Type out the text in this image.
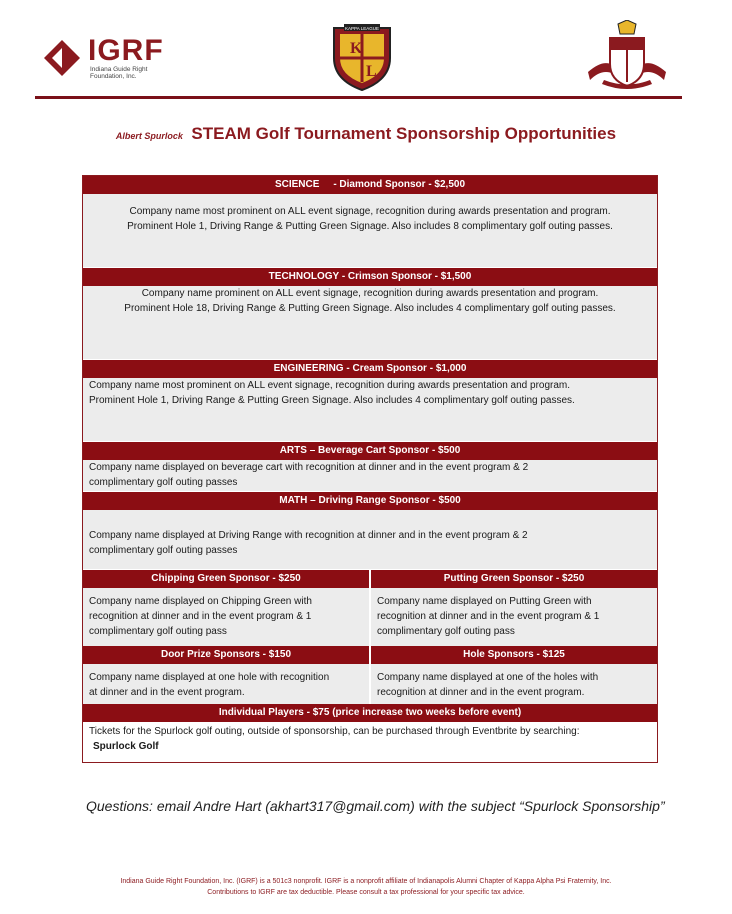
IGRF
Indiana Guide Right Foundation, Inc.
K
L
KAPPA LEAGUE
Albert Spurlock STEAM Golf Tournament Sponsorship Opportunities
SCIENCE     - Diamond Sponsor - $2,500
Company name most prominent on ALL event signage, recognition during awards presentation and program.
Prominent Hole 1, Driving Range & Putting Green Signage. Also includes 8 complimentary golf outing passes.
TECHNOLOGY - Crimson Sponsor - $1,500
Company name prominent on ALL event signage, recognition during awards presentation and program.
Prominent Hole 18, Driving Range & Putting Green Signage. Also includes 4 complimentary golf outing passes.
ENGINEERING - Cream Sponsor - $1,000
Company name most prominent on ALL event signage, recognition during awards presentation and program.
Prominent Hole 1, Driving Range & Putting Green Signage. Also includes 4 complimentary golf outing passes.
ARTS – Beverage Cart Sponsor - $500
Company name displayed on beverage cart with recognition at dinner and in the event program & 2
complimentary golf outing passes
MATH – Driving Range Sponsor - $500
Company name displayed at Driving Range with recognition at dinner and in the event program & 2
complimentary golf outing passes
Chipping Green Sponsor - $250
Company name displayed on Chipping Green with
recognition at dinner and in the event program & 1
complimentary golf outing pass
Putting Green Sponsor - $250
Company name displayed on Putting Green with
recognition at dinner and in the event program & 1
complimentary golf outing pass
Door Prize Sponsors - $150
Company name displayed at one hole with recognition
at dinner and in the event program.
Hole Sponsors - $125
Company name displayed at one of the holes with
recognition at dinner and in the event program.
Individual Players - $75 (price increase two weeks before event)
Tickets for the Spurlock golf outing, outside of sponsorship, can be purchased through Eventbrite by searching:
Spurlock Golf
Questions: email Andre Hart (akhart317@gmail.com) with the subject “Spurlock Sponsorship”
Indiana Guide Right Foundation, Inc. (IGRF) is a 501c3 nonprofit. IGRF is a nonprofit affiliate of Indianapolis Alumni Chapter of Kappa Alpha Psi Fraternity, Inc.
Contributions to IGRF are tax deductible. Please consult a tax professional for your specific tax advice.
